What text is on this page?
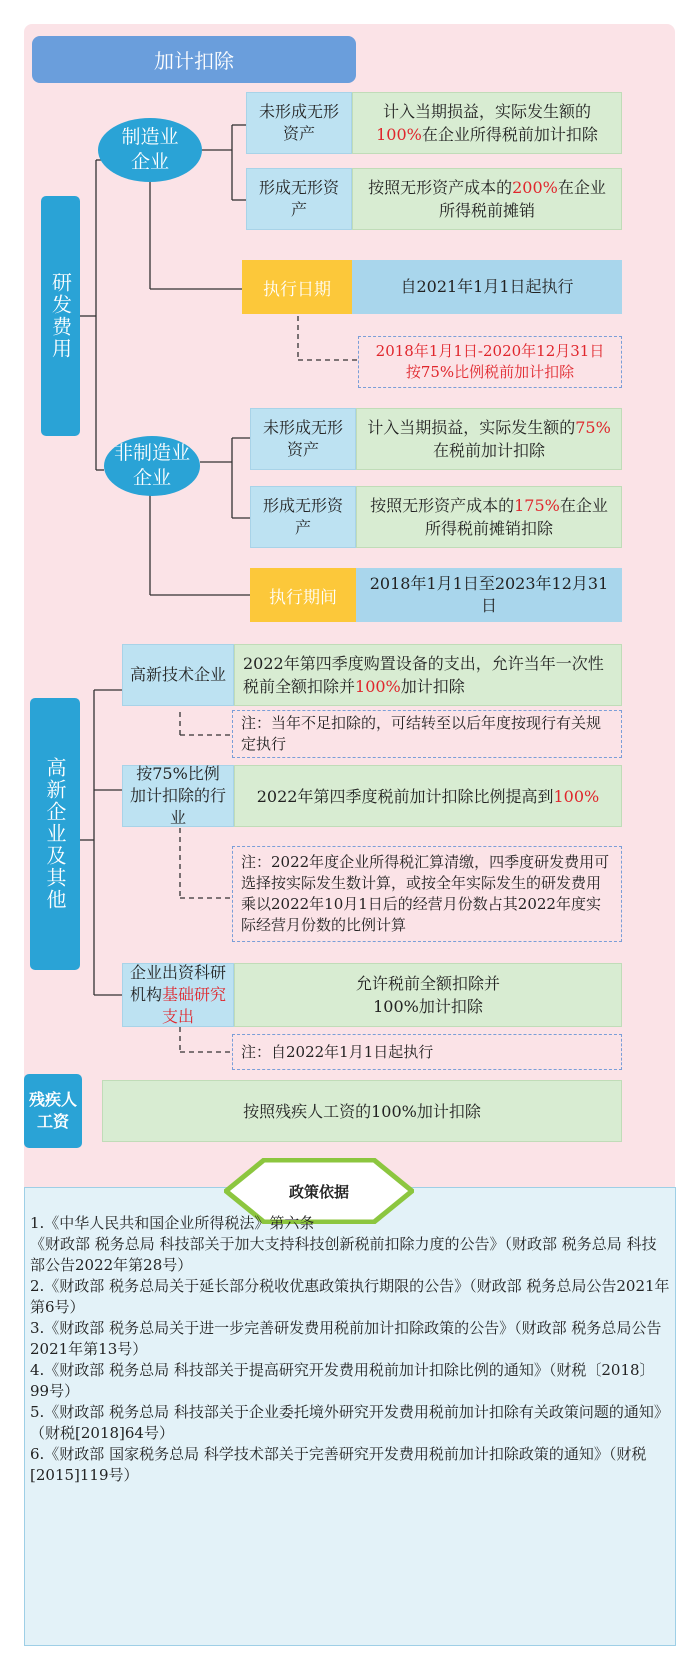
加计扣除
研发费用
制造业企业
未形成无形资产
计入当期损益，实际发生额的100%在企业所得税前加计扣除
形成无形资产
按照无形资产成本的200%在企业所得税前摊销
执行日期	自2021年1月1日起执行
2018年1月1日-2020年12月31日
按75%比例税前加计扣除
非制造业企业
未形成无形资产
计入当期损益，实际发生额的75%在税前加计扣除
形成无形资产
按照无形资产成本的175%在企业所得税前摊销扣除
执行期间
2018年1月1日至2023年12月31日
高新企业及其他
高新技术企业
2022年第四季度购置设备的支出，允许当年一次性税前全额扣除并100%加计扣除
注：当年不足扣除的，可结转至以后年度按现行有关规定执行
按75%比例加计扣除的行业
2022年第四季度税前加计扣除比例提高到100%
注：2022年度企业所得税汇算清缴，四季度研发费用可选择按实际发生数计算，或按全年实际发生的研发费用乘以2022年10月1日后的经营月份数占其2022年度实际经营月份数的比例计算
企业出资科研机构基础研究支出
允许税前全额扣除并
100%加计扣除
注：自2022年1月1日起执行
残疾人工资
按照残疾人工资的100%加计扣除
政策依据

1.《中华人民共和国企业所得税法》第六条

《财政部 税务总局 科技部关于加大支持科技创新税前扣除力度的公告》（财政部 税务总局 科技部公告2022年第28号）

2.《财政部 税务总局关于延长部分税收优惠政策执行期限的公告》（财政部 税务总局公告2021年第6号）

3.《财政部 税务总局关于进一步完善研发费用税前加计扣除政策的公告》（财政部 税务总局公告2021年第13号）

4.《财政部 税务总局 科技部关于提高研究开发费用税前加计扣除比例的通知》（财税〔2018〕99号）

5.《财政部 税务总局 科技部关于企业委托境外研究开发费用税前加计扣除有关政策问题的通知》（财税[2018]64号）

6.《财政部 国家税务总局 科学技术部关于完善研究开发费用税前加计扣除政策的通知》（财税[2015]119号）
